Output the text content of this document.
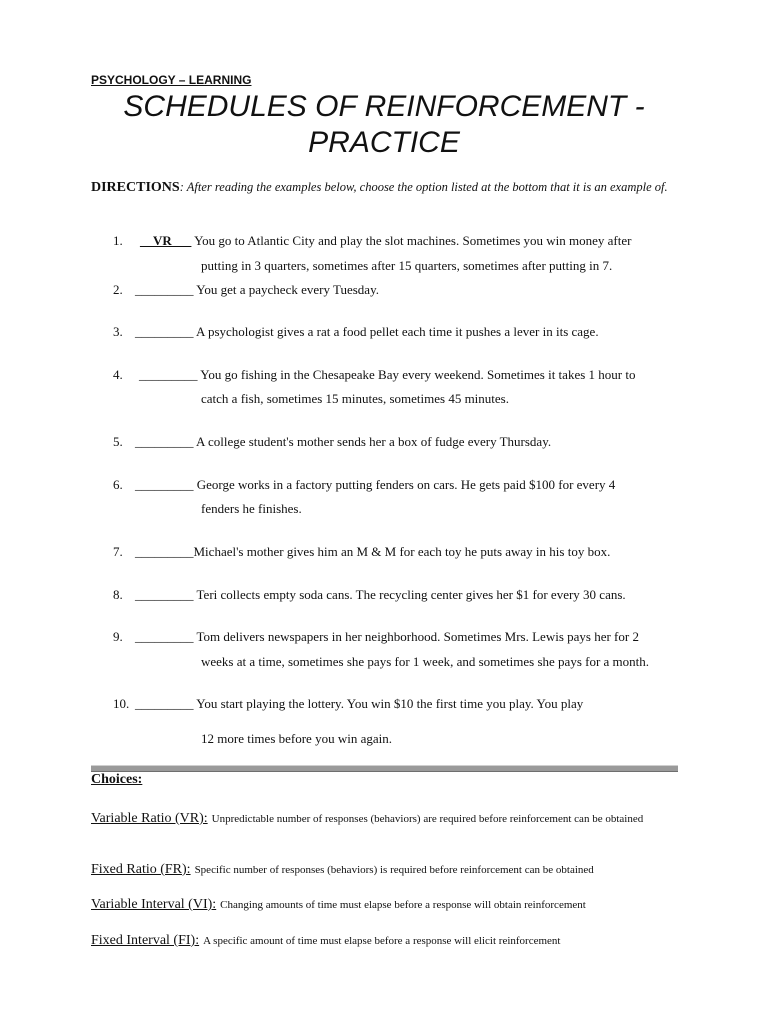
PSYCHOLOGY – LEARNING
SCHEDULES OF REINFORCEMENT -
PRACTICE
DIRECTIONS: After reading the examples below, choose the option listed at the bottom that it is an example of.
1. __VR___ You go to Atlantic City and play the slot machines. Sometimes you win money after
putting in 3 quarters, sometimes after 15 quarters, sometimes after putting in 7.
2. _________ You get a paycheck every Tuesday.
3. _________ A psychologist gives a rat a food pellet each time it pushes a lever in its cage.
4. _________ You go fishing in the Chesapeake Bay every weekend. Sometimes it takes 1 hour to
catch a fish, sometimes 15 minutes, sometimes 45 minutes.
5. _________ A college student's mother sends her a box of fudge every Thursday.
6. _________ George works in a factory putting fenders on cars. He gets paid $100 for every 4
fenders he finishes.
7. _________Michael's mother gives him an M & M for each toy he puts away in his toy box.
8. _________ Teri collects empty soda cans. The recycling center gives her $1 for every 30 cans.
9. _________ Tom delivers newspapers in her neighborhood. Sometimes Mrs. Lewis pays her for 2
weeks at a time, sometimes she pays for 1 week, and sometimes she pays for a month.
10. _________ You start playing the lottery. You win $10 the first time you play. You play
12 more times before you win again.
Choices:
Variable Ratio (VR): Unpredictable number of responses (behaviors) are required before reinforcement can be obtained
Fixed Ratio (FR): Specific number of responses (behaviors) is required before reinforcement can be obtained
Variable Interval (VI): Changing amounts of time must elapse before a response will obtain reinforcement
Fixed Interval (FI): A specific amount of time must elapse before a response will elicit reinforcement
